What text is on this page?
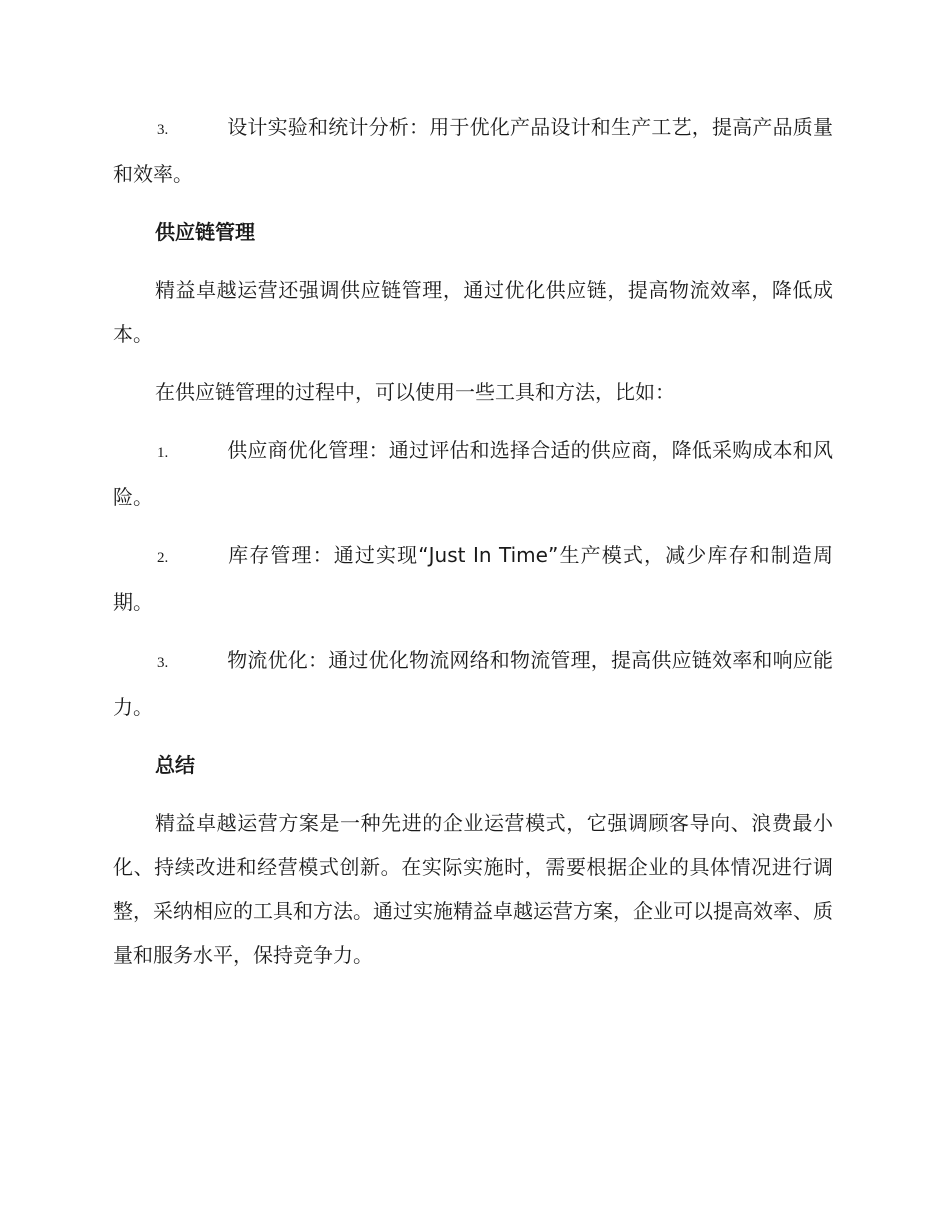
3.	设计实验和统计分析：用于优化产品设计和生产工艺，提高产品质量和效率。
供应链管理
精益卓越运营还强调供应链管理，通过优化供应链，提高物流效率，降低成本。
在供应链管理的过程中，可以使用一些工具和方法，比如：
1.	供应商优化管理：通过评估和选择合适的供应商，降低采购成本和风险。
2.	库存管理：通过实现“Just In Time”生产模式，减少库存和制造周期。
3.	物流优化：通过优化物流网络和物流管理，提高供应链效率和响应能力。
总结
精益卓越运营方案是一种先进的企业运营模式，它强调顾客导向、浪费最小化、持续改进和经营模式创新。在实际实施时，需要根据企业的具体情况进行调整，采纳相应的工具和方法。通过实施精益卓越运营方案，企业可以提高效率、质量和服务水平，保持竞争力。
